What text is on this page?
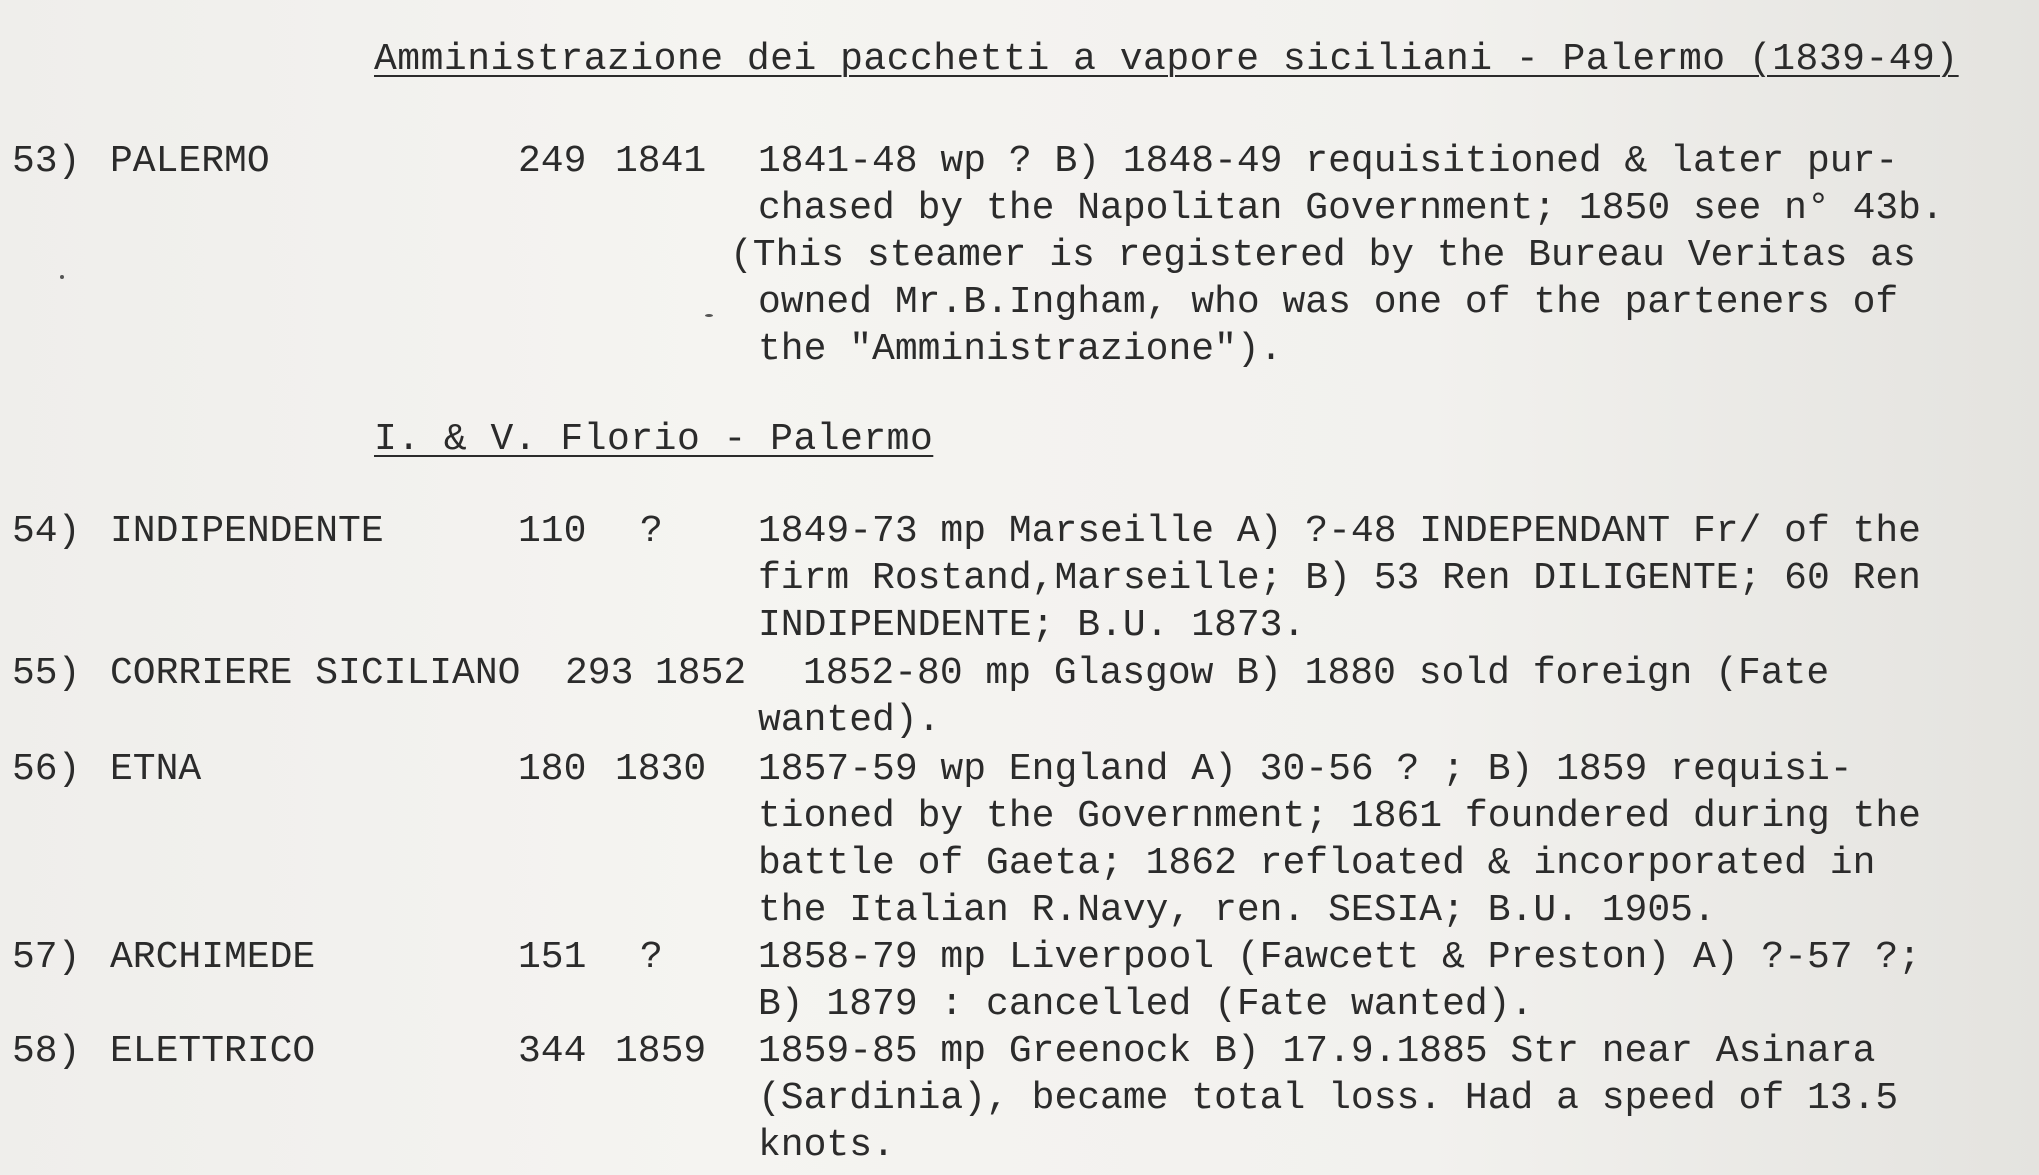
Amministrazione dei pacchetti a vapore siciliani - Palermo (1839-49)
53) PALERMO	249 1841 1841-48 wp ? B) 1848-49 requisitioned & later pur-
chased by the Napolitan Government; 1850 see n° 43b.
(This steamer is registered by the Bureau Veritas as
owned Mr.B.Ingham, who was one of the parteners of
the "Amministrazione").
I. & V. Florio - Palermo
54) INDIPENDENTE	110 ?	1849-73 mp Marseille A) ?-48 INDEPENDANT Fr/ of the
firm Rostand,Marseille; B) 53 Ren DILIGENTE; 60 Ren
INDIPENDENTE; B.U. 1873.
55) CORRIERE SICILIANO 293 1852 1852-80 mp Glasgow B) 1880 sold foreign (Fate
wanted).
56) ETNA	180 1830 1857-59 wp England A) 30-56 ? ; B) 1859 requisi-
tioned by the Government; 1861 foundered during the
battle of Gaeta; 1862 refloated & incorporated in
the Italian R.Navy, ren. SESIA; B.U. 1905.
57) ARCHIMEDE	151 ?	1858-79 mp Liverpool (Fawcett & Preston) A) ?-57 ?;
B) 1879 : cancelled (Fate wanted).
58) ELETTRICO	344 1859 1859-85 mp Greenock B) 17.9.1885 Str near Asinara
(Sardinia), became total loss. Had a speed of 13.5
knots.
